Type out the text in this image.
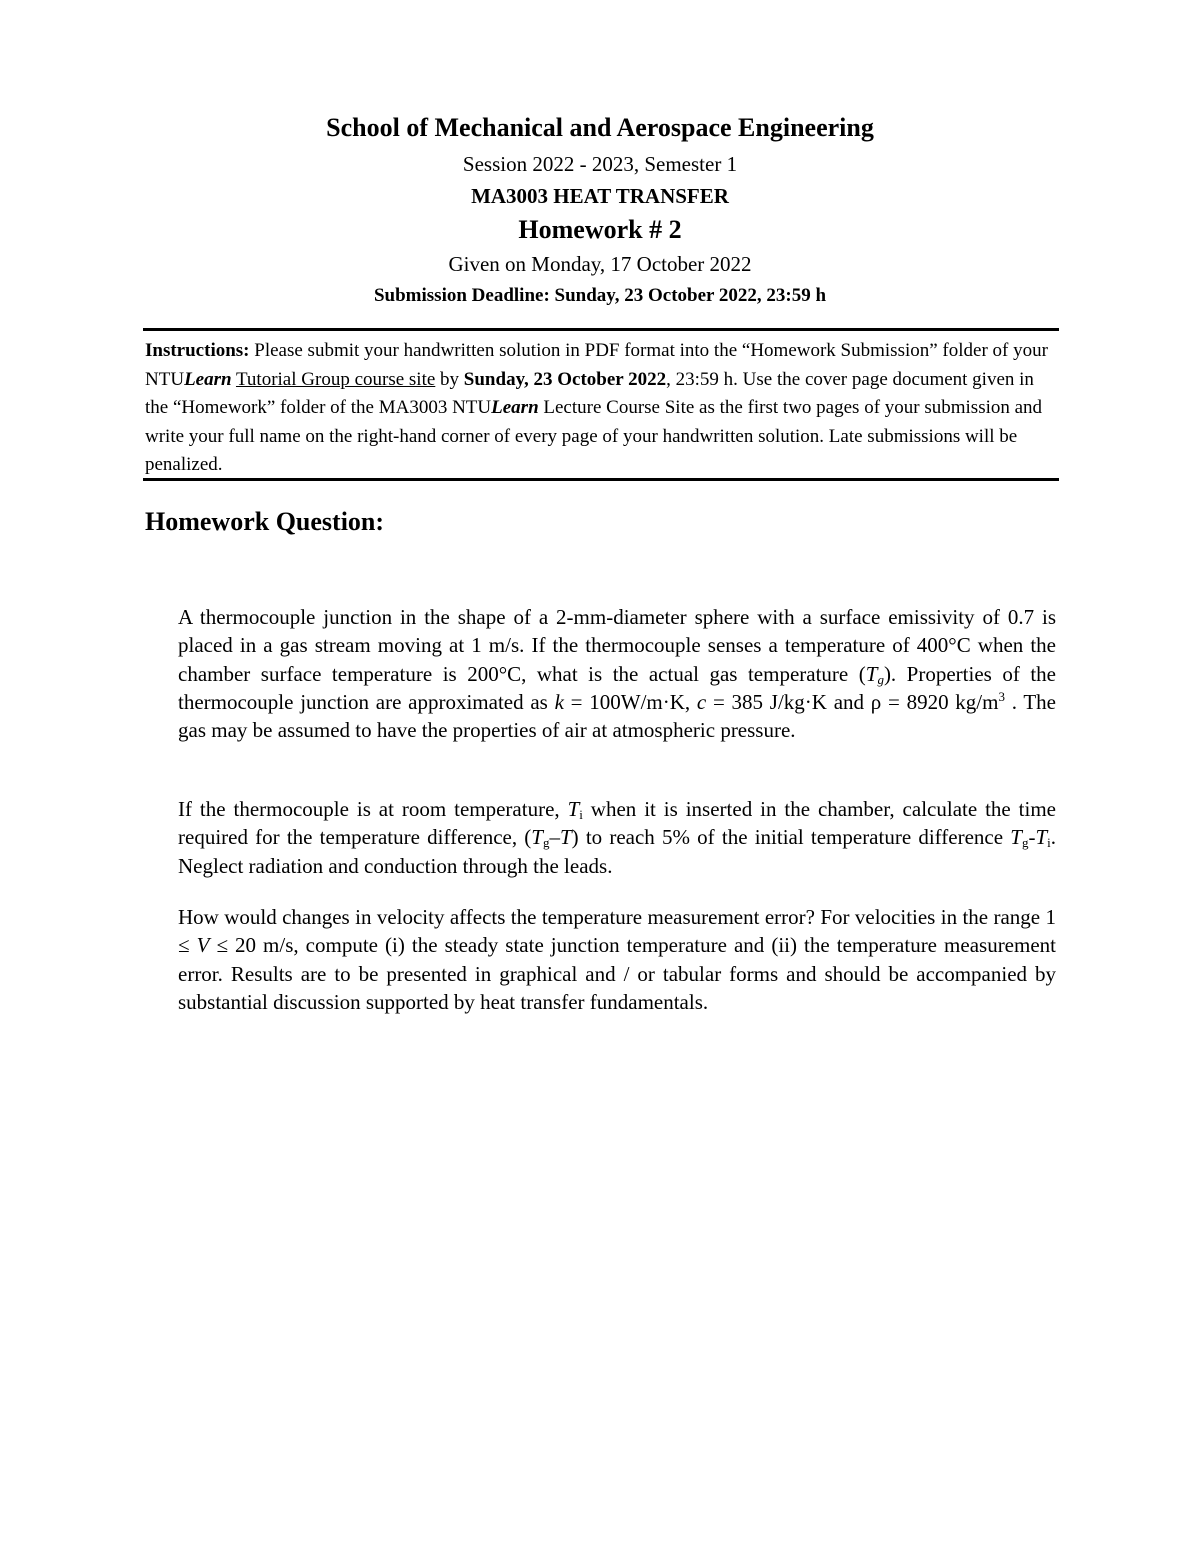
School of Mechanical and Aerospace Engineering
Session 2022 - 2023, Semester 1
MA3003 HEAT TRANSFER
Homework # 2
Given on Monday, 17 October 2022
Submission Deadline: Sunday, 23 October 2022, 23:59 h

Instructions: Please submit your handwritten solution in PDF format into the “Homework Submission” folder of your NTULearn Tutorial Group course site by Sunday, 23 October 2022, 23:59 h. Use the cover page document given in the “Homework” folder of the MA3003 NTULearn Lecture Course Site as the first two pages of your submission and write your full name on the right-hand corner of every page of your handwritten solution. Late submissions will be penalized.

Homework Question:

A thermocouple junction in the shape of a 2-mm-diameter sphere with a surface emissivity of 0.7 is placed in a gas stream moving at 1 m/s. If the thermocouple senses a temperature of 400°C when the chamber surface temperature is 200°C, what is the actual gas temperature $(T_g)$. Properties of the thermocouple junction are approximated as k = 100W/m·K, c = 385 J/kg·K and ρ = 8920 $kg/m^3$ . The gas may be assumed to have the properties of air at atmospheric pressure.

If the thermocouple is at room temperature, $T_i$ when it is inserted in the chamber, calculate the time required for the temperature difference, $(T_g-T)$ to reach 5% of the initial temperature difference $T_g-T_i$. Neglect radiation and conduction through the leads.

How would changes in velocity affects the temperature measurement error? For velocities in the range 1 ≤ V ≤ 20 m/s, compute (i) the steady state junction temperature and (ii) the temperature measurement error. Results are to be presented in graphical and / or tabular forms and should be accompanied by substantial discussion supported by heat transfer fundamentals.
